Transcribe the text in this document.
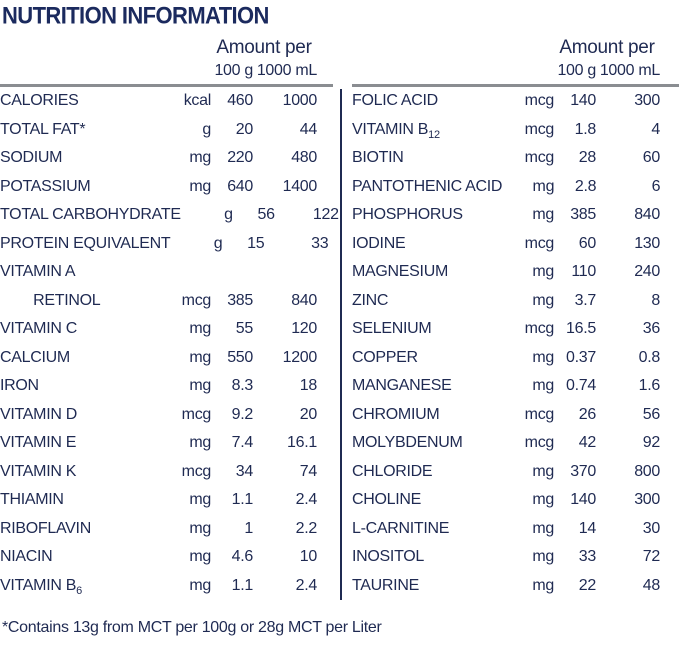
NUTRITION INFORMATION
Amount per
100 g 1000 mL
CALORIES	kcal	460	1000
TOTAL FAT*	g	20	44
SODIUM	mg	220	480
POTASSIUM	mg	640	1400
TOTAL CARBOHYDRATE	g	56	122
PROTEIN EQUIVALENT	g	15	33
VITAMIN A
RETINOL	mcg	385	840
VITAMIN C	mg	55	120
CALCIUM	mg	550	1200
IRON	mg	8.3	18
VITAMIN D	mcg	9.2	20
VITAMIN E	mg	7.4	16.1
VITAMIN K	mcg	34	74
THIAMIN	mg	1.1	2.4
RIBOFLAVIN	mg	1	2.2
NIACIN	mg	4.6	10
VITAMIN $B_6$	mg	1.1	2.4
Amount per
100 g 1000 mL
FOLIC ACID	mcg	140	300
VITAMIN $B_{12}$	mcg	1.8	4
BIOTIN	mcg	28	60
PANTOTHENIC ACID	mg	2.8	6
PHOSPHORUS	mg	385	840
IODINE	mcg	60	130
MAGNESIUM	mg	110	240
ZINC	mg	3.7	8
SELENIUM	mcg 16.5	36
COPPER	mg 0.37	0.8
MANGANESE	mg 0.74	1.6
CHROMIUM	mcg	26	56
MOLYBDENUM	mcg	42	92
CHLORIDE	mg	370	800
CHOLINE	mg	140	300
L-CARNITINE	mg	14	30
INOSITOL	mg	33	72
TAURINE	mg	22	48

*Contains 13g from MCT per 100g or 28g MCT per Liter
